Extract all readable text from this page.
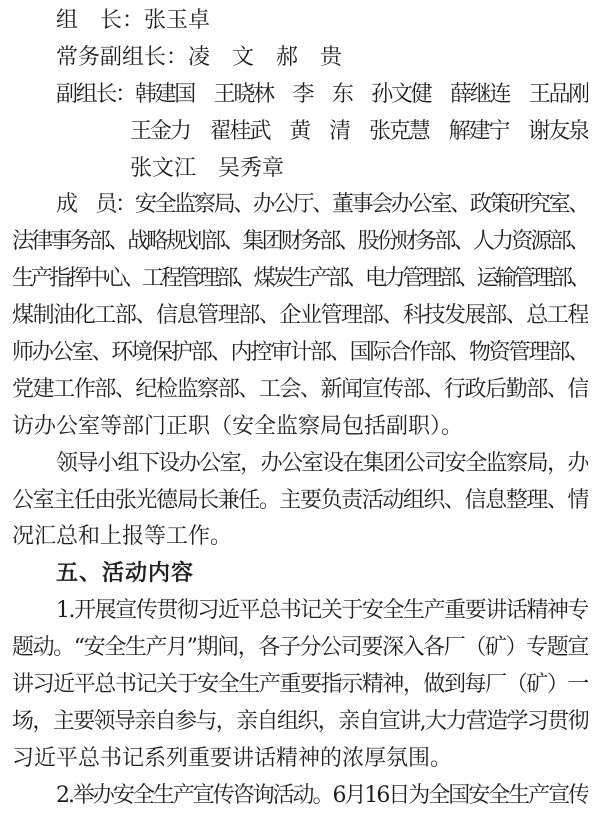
组　长：张玉卓
常务副组长：凌　文　郝　贵
副组长：韩建国　王晓林　李　东　孙文健　薛继连　王品刚
王金力　翟桂武　黄　清　张克慧　解建宁　谢友泉
张文江　吴秀章
成　员：安全监察局、办公厅、董事会办公室、政策研究室、
法律事务部、战略规划部、集团财务部、股份财务部、人力资源部、
生产指挥中心、工程管理部、煤炭生产部、电力管理部、运输管理部、
煤制油化工部、信息管理部、企业管理部、科技发展部、总工程
师办公室、环境保护部、内控审计部、国际合作部、物资管理部、
党建工作部、纪检监察部、工会、新闻宣传部、行政后勤部、信
访办公室等部门正职（安全监察局包括副职）。
领导小组下设办公室，办公室设在集团公司安全监察局，办
公室主任由张光德局长兼任。主要负责活动组织、信息整理、情
况汇总和上报等工作。
五、活动内容
1.开展宣传贯彻习近平总书记关于安全生产重要讲话精神专
题动。“安全生产月”期间，各子分公司要深入各厂（矿）专题宣
讲习近平总书记关于安全生产重要指示精神，做到每厂（矿）一
场，主要领导亲自参与，亲自组织，亲自宣讲,大力营造学习贯彻
习近平总书记系列重要讲话精神的浓厚氛围。
2.举办安全生产宣传咨询活动。6月16日为全国安全生产宣传
